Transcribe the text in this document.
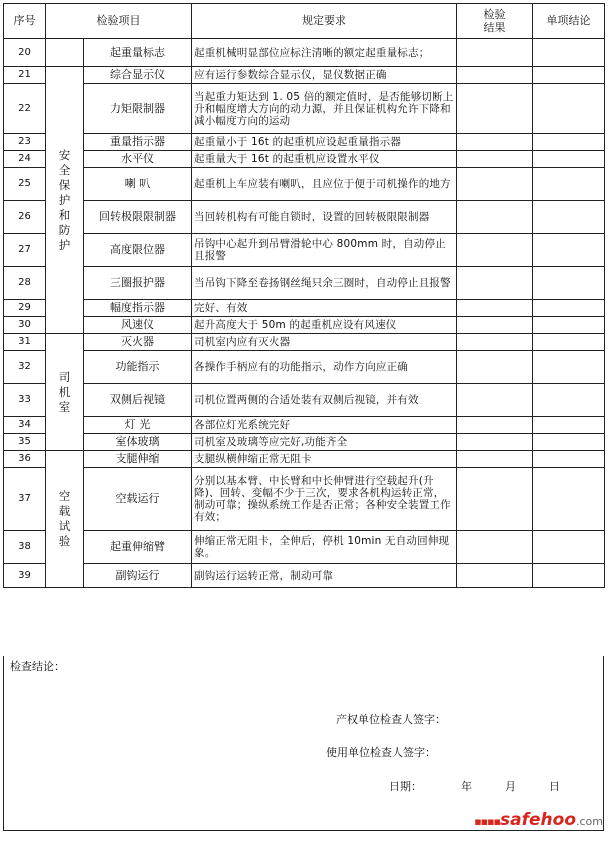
序号	检验项目		规定要求	检验结果	单项结论
20		起重量标志	起重机械明显部位应标注清晰的额定起重量标志；		
21	安全保护和防护	综合显示仪	应有运行参数综合显示仪，显仪数据正确		
22		力矩限制器	当起重力矩达到 1. 05 倍的额定值时，是否能够切断上升和幅度增大方向的动力源，并且保证机构允许下降和减小幅度方向的运动		
23		重量指示器	起重量小于 16t 的起重机应设起重量指示器		
24		水平仪	起重量大于 16t 的起重机应设置水平仪		
25		喇 叭	起重机上车应装有喇叭，且应位于便于司机操作的地方		
26		回转极限限制器	当回转机构有可能自锁时，设置的回转极限限制器		
27		高度限位器	吊钩中心起升到吊臂滑轮中心 800mm 时，自动停止且报警		
28		三圈报护器	当吊钩下降至卷扬钢丝绳只余三圈时，自动停止且报警		
29		幅度指示器	完好、有效		
30		风速仪	起升高度大于 50m 的起重机应设有风速仪		
31	司机室	灭火器	司机室内应有灭火器		
32		功能指示	各操作手柄应有的功能指示，动作方向应正确		
33		双侧后视镜	司机位置两侧的合适处装有双侧后视镜，并有效		
34		灯 光	各部位灯光系统完好		
35		室体玻璃	司机室及玻璃等应完好,功能齐全		
36	空载试验	支腿伸缩	支腿纵横伸缩正常无阻卡		
37		空载运行	分别以基本臂、中长臂和中长伸臂进行空载起升(升降)、回转、变幅不少于三次，要求各机构运转正常，制动可靠；操纵系统工作是否正常；各种安全装置工作有效；		
38		起重伸缩臂	伸缩正常无阻卡，全伸后，停机 10min 无自动回伸现象。		
39		副钩运行	副钩运行运转正常，制动可靠		
检查结论：
产权单位检查人签字：
使用单位检查人签字：
日期：	年	月	日
▪▪▪▪safehoo.com
